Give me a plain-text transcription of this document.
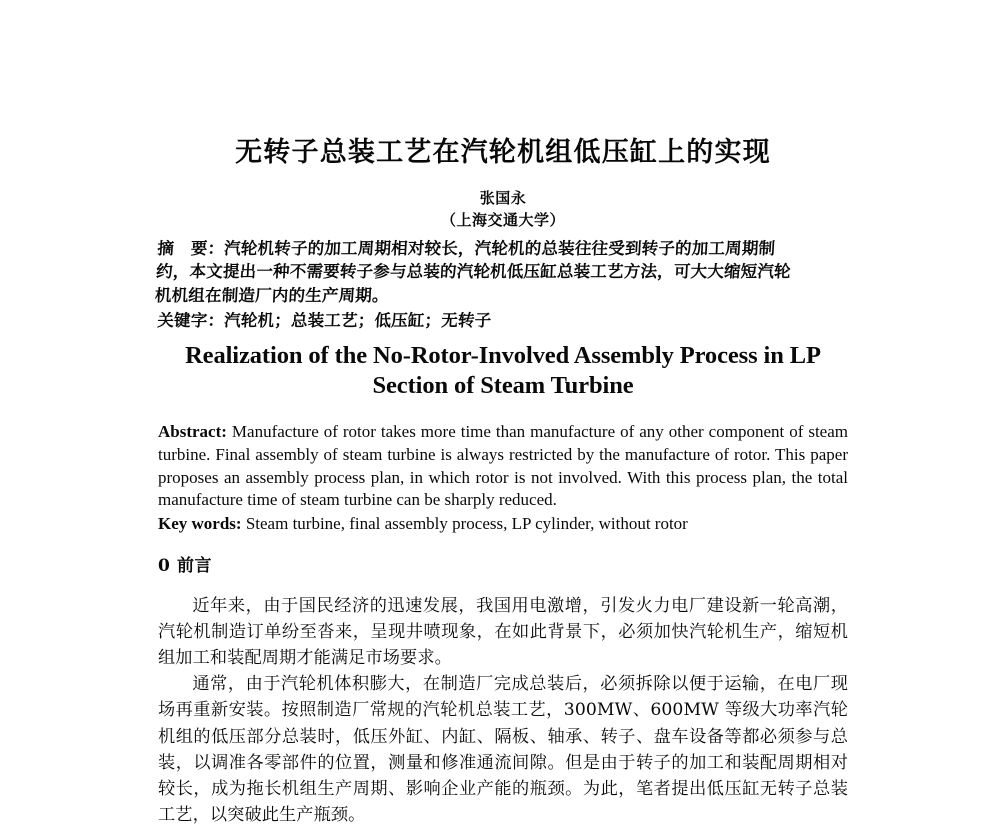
无转子总装工艺在汽轮机组低压缸上的实现
张国永
（上海交通大学）
摘　要：汽轮机转子的加工周期相对较长，汽轮机的总装往往受到转子的加工周期制
约，本文提出一种不需要转子参与总装的汽轮机低压缸总装工艺方法，可大大缩短汽轮
机机组在制造厂内的生产周期。
关键字：汽轮机；总装工艺；低压缸；无转子
Realization of the No-Rotor-Involved Assembly Process in LP
Section of Steam Turbine
Abstract: Manufacture of rotor takes more time than manufacture of any other component of steam turbine. Final assembly of steam turbine is always restricted by the manufacture of rotor. This paper proposes an assembly process plan, in which rotor is not involved. With this process plan, the total manufacture time of steam turbine can be sharply reduced.
Key words: Steam turbine, final assembly process, LP cylinder, without rotor
0 前言

近年来，由于国民经济的迅速发展，我国用电激增，引发火力电厂建设新一轮高潮，汽轮机制造订单纷至沓来，呈现井喷现象，在如此背景下，必须加快汽轮机生产，缩短机组加工和装配周期才能满足市场要求。

通常，由于汽轮机体积膨大，在制造厂完成总装后，必须拆除以便于运输，在电厂现场再重新安装。按照制造厂常规的汽轮机总装工艺，300MW、600MW 等级大功率汽轮机组的低压部分总装时，低压外缸、内缸、隔板、轴承、转子、盘车设备等都必须参与总装，以调准各零部件的位置，测量和修准通流间隙。但是由于转子的加工和装配周期相对较长，成为拖长机组生产周期、影响企业产能的瓶颈。为此，笔者提出低压缸无转子总装工艺，以突破此生产瓶颈。
